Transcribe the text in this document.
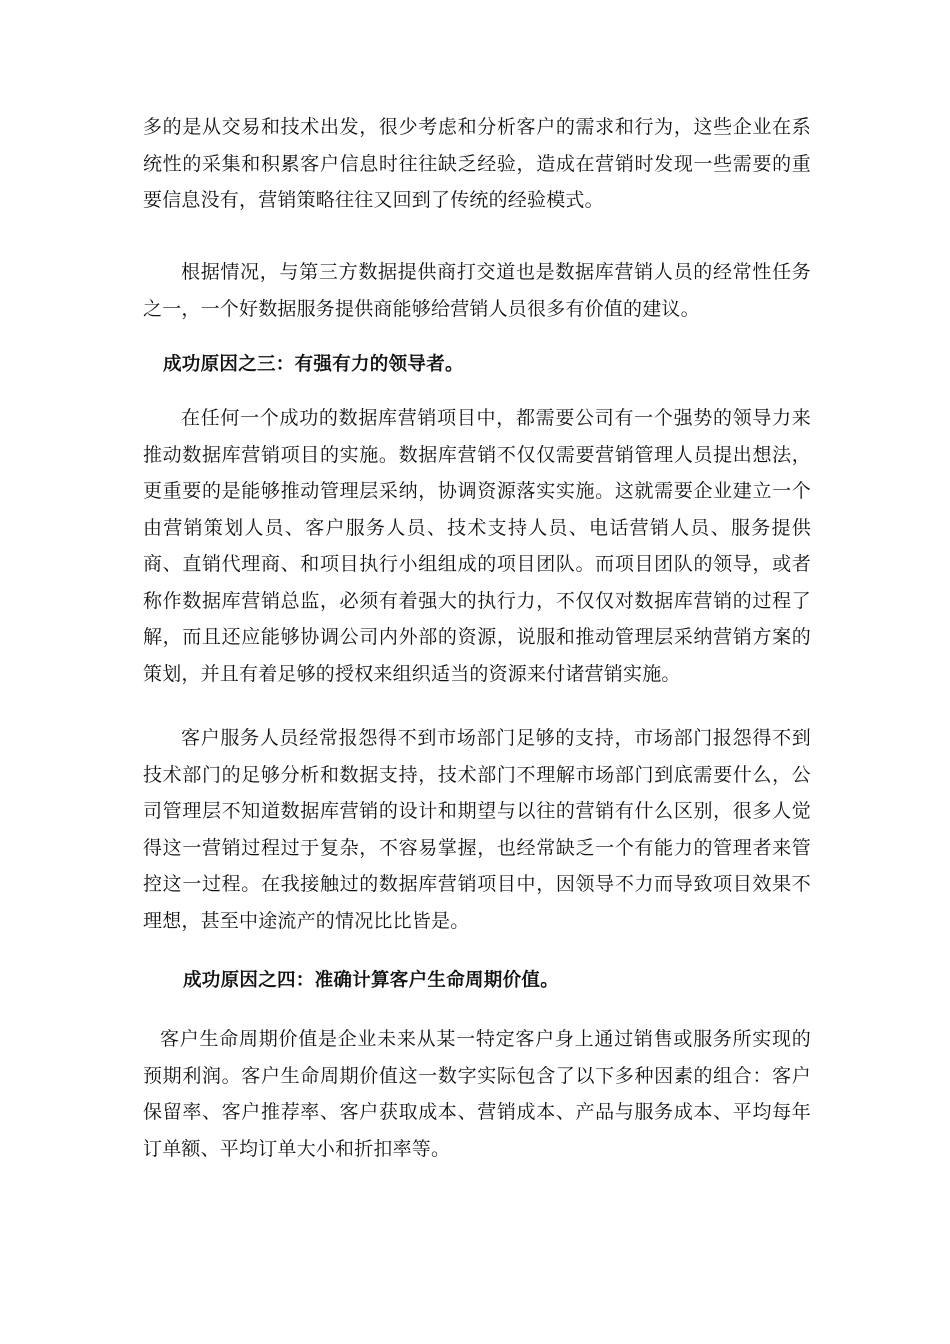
多的是从交易和技术出发，很少考虑和分析客户的需求和行为，这些企业在系统性的采集和积累客户信息时往往缺乏经验，造成在营销时发现一些需要的重要信息没有，营销策略往往又回到了传统的经验模式。

根据情况，与第三方数据提供商打交道也是数据库营销人员的经常性任务之一，一个好数据服务提供商能够给营销人员很多有价值的建议。

成功原因之三：有强有力的领导者。

在任何一个成功的数据库营销项目中，都需要公司有一个强势的领导力来推动数据库营销项目的实施。数据库营销不仅仅需要营销管理人员提出想法，更重要的是能够推动管理层采纳，协调资源落实实施。这就需要企业建立一个由营销策划人员、客户服务人员、技术支持人员、电话营销人员、服务提供商、直销代理商、和项目执行小组组成的项目团队。而项目团队的领导，或者称作数据库营销总监，必须有着强大的执行力，不仅仅对数据库营销的过程了解，而且还应能够协调公司内外部的资源，说服和推动管理层采纳营销方案的策划，并且有着足够的授权来组织适当的资源来付诸营销实施。

客户服务人员经常报怨得不到市场部门足够的支持，市场部门报怨得不到技术部门的足够分析和数据支持，技术部门不理解市场部门到底需要什么，公司管理层不知道数据库营销的设计和期望与以往的营销有什么区别，很多人觉得这一营销过程过于复杂，不容易掌握，也经常缺乏一个有能力的管理者来管控这一过程。在我接触过的数据库营销项目中，因领导不力而导致项目效果不理想，甚至中途流产的情况比比皆是。

成功原因之四：准确计算客户生命周期价值。

客户生命周期价值是企业未来从某一特定客户身上通过销售或服务所实现的预期利润。客户生命周期价值这一数字实际包含了以下多种因素的组合：客户保留率、客户推荐率、客户获取成本、营销成本、产品与服务成本、平均每年订单额、平均订单大小和折扣率等。
